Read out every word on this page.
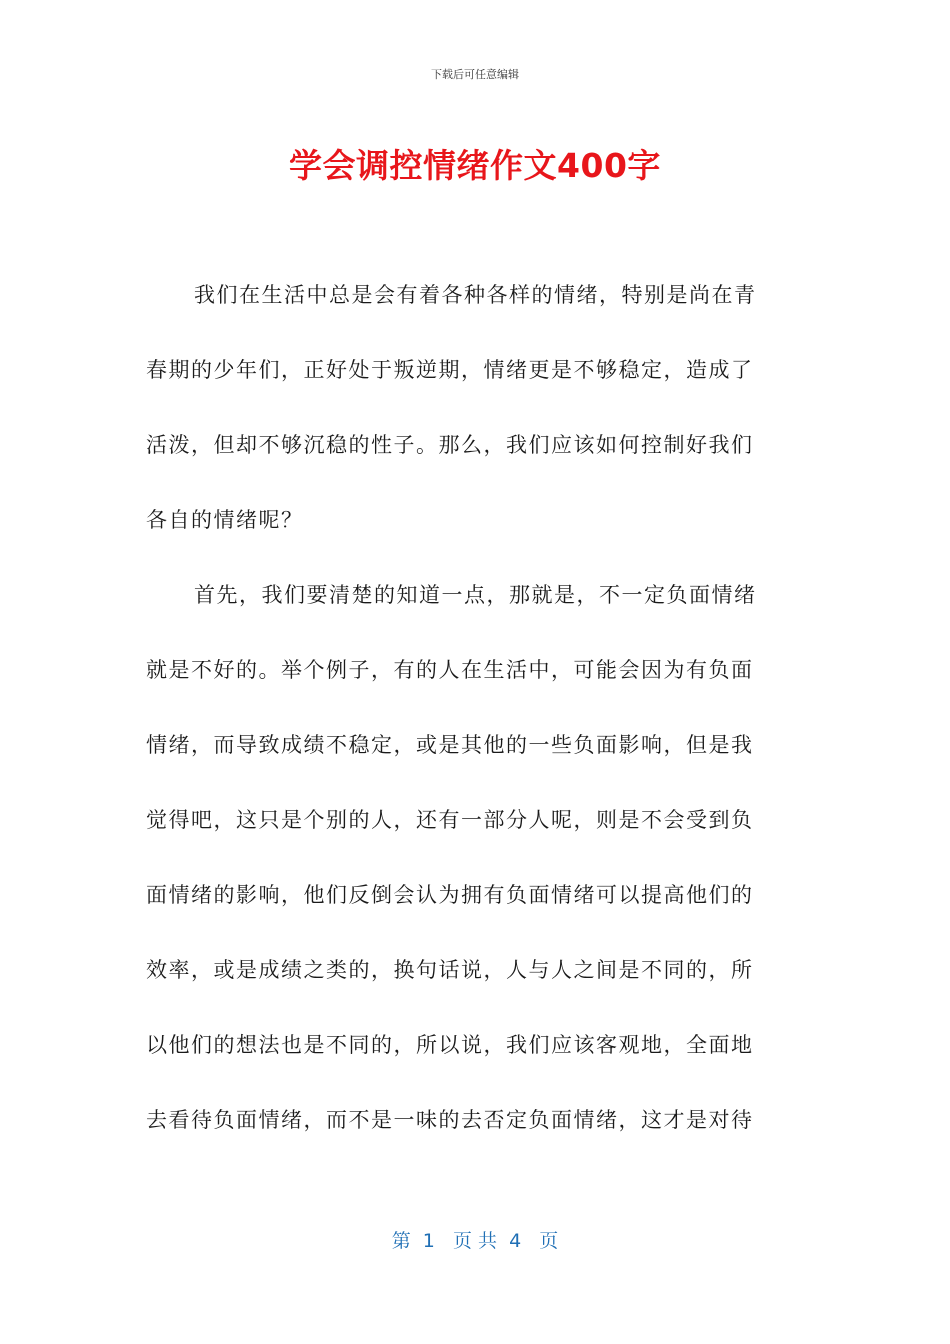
下载后可任意编辑
学会调控情绪作文400字
我们在生活中总是会有着各种各样的情绪，特别是尚在青
春期的少年们，正好处于叛逆期，情绪更是不够稳定，造成了
活泼，但却不够沉稳的性子。那么，我们应该如何控制好我们
各自的情绪呢？
首先，我们要清楚的知道一点，那就是，不一定负面情绪
就是不好的。举个例子，有的人在生活中，可能会因为有负面
情绪，而导致成绩不稳定，或是其他的一些负面影响，但是我
觉得吧，这只是个别的人，还有一部分人呢，则是不会受到负
面情绪的影响，他们反倒会认为拥有负面情绪可以提高他们的
效率，或是成绩之类的，换句话说，人与人之间是不同的，所
以他们的想法也是不同的，所以说，我们应该客观地，全面地
去看待负面情绪，而不是一味的去否定负面情绪，这才是对待
第  1   页 共  4   页
